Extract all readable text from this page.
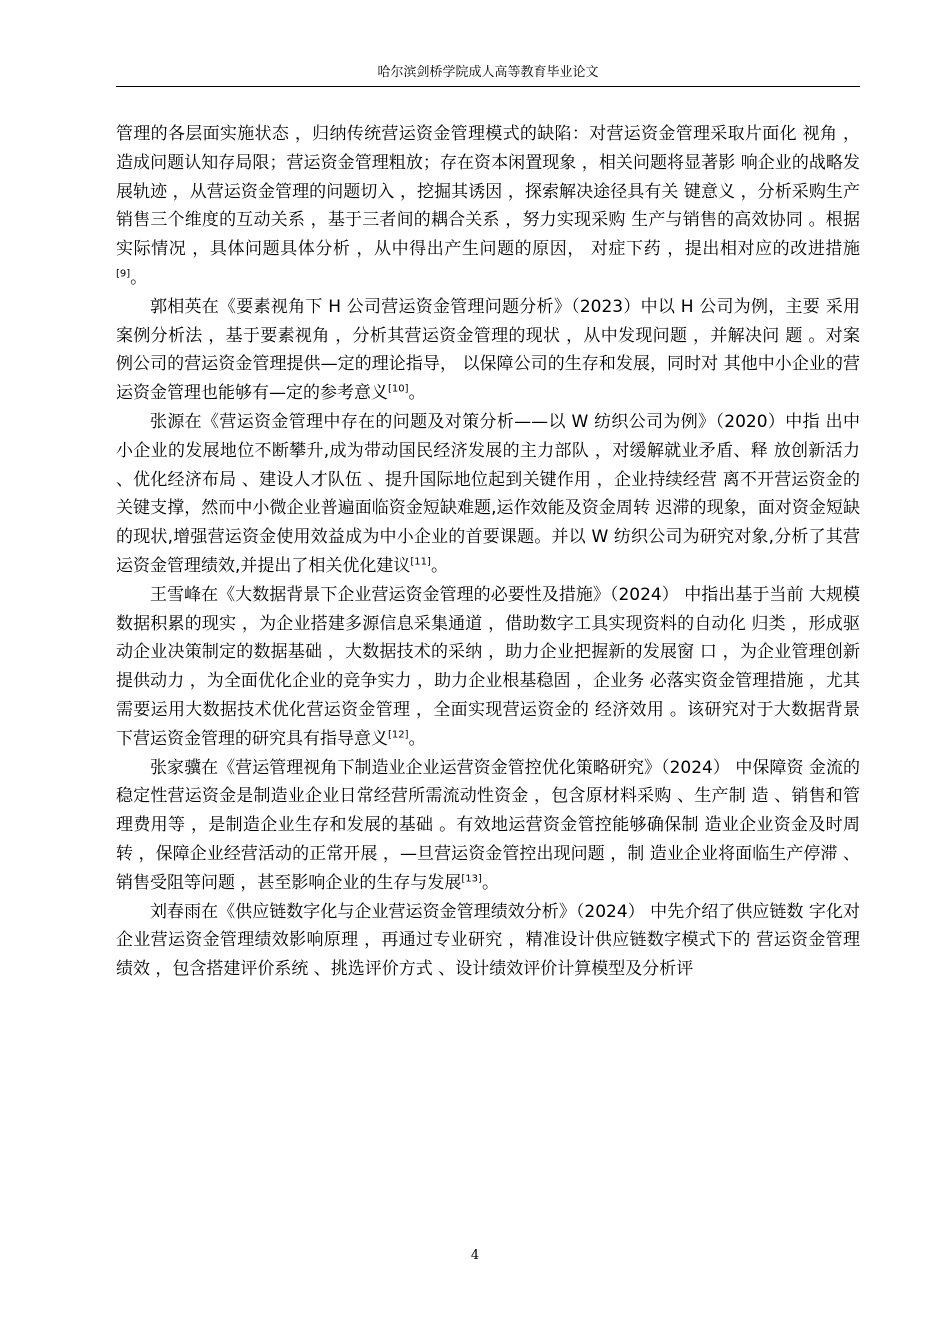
哈尔滨剑桥学院成人高等教育毕业论文

管理的各层面实施状态 ，归纳传统营运资金管理模式的缺陷：对营运资金管理采取片面化 视角 ，造成问题认知存局限；营运资金管理粗放；存在资本闲置现象 ，相关问题将显著影 响企业的战略发展轨迹 ，从营运资金管理的问题切入 ，挖掘其诱因 ，探索解决途径具有关 键意义 ，分析采购生产销售三个维度的互动关系 ，基于三者间的耦合关系 ，努力实现采购 生产与销售的高效协同 。根据实际情况 ，具体问题具体分析 ，从中得出产生问题的原因， 对症下药 ，提出相对应的改进措施[9]。

郭相英在《要素视角下 H 公司营运资金管理问题分析》（2023）中以 H 公司为例，主要 采用案例分析法 ，基于要素视角 ，分析其营运资金管理的现状 ，从中发现问题 ，并解决问 题 。对案例公司的营运资金管理提供—定的理论指导， 以保障公司的生存和发展，同时对 其他中小企业的营运资金管理也能够有—定的参考意义[10]。

张源在《营运资金管理中存在的问题及对策分析——以 W 纺织公司为例》（2020）中指 出中小企业的发展地位不断攀升,成为带动国民经济发展的主力部队 ，对缓解就业矛盾、释 放创新活力 、优化经济布局 、建设人才队伍 、提升国际地位起到关键作用 ，企业持续经营 离不开营运资金的关键支撑，然而中小微企业普遍面临资金短缺难题,运作效能及资金周转 迟滞的现象，面对资金短缺的现状,增强营运资金使用效益成为中小企业的首要课题。并以 W 纺织公司为研究对象,分析了其营运资金管理绩效,并提出了相关优化建议[11]。

王雪峰在《大数据背景下企业营运资金管理的必要性及措施》（2024） 中指出基于当前 大规模数据积累的现实 ，为企业搭建多源信息采集通道 ，借助数字工具实现资料的自动化 归类 ，形成驱动企业决策制定的数据基础 ，大数据技术的采纳 ，助力企业把握新的发展窗 口 ，为企业管理创新提供动力 ，为全面优化企业的竞争实力 ，助力企业根基稳固 ，企业务 必落实资金管理措施 ，尤其需要运用大数据技术优化营运资金管理 ，全面实现营运资金的 经济效用 。该研究对于大数据背景下营运资金管理的研究具有指导意义[12]。

张家骥在《营运管理视角下制造业企业运营资金管控优化策略研究》（2024） 中保障资 金流的稳定性营运资金是制造业企业日常经营所需流动性资金 ，包含原材料采购 、生产制 造 、销售和管理费用等 ，是制造企业生存和发展的基础 。有效地运营资金管控能够确保制 造业企业资金及时周转 ，保障企业经营活动的正常开展 ，—旦营运资金管控出现问题 ，制 造业企业将面临生产停滞 、销售受阻等问题 ，甚至影响企业的生存与发展[13]。

刘春雨在《供应链数字化与企业营运资金管理绩效分析》（2024） 中先介绍了供应链数 字化对企业营运资金管理绩效影响原理 ，再通过专业研究 ，精准设计供应链数字模式下的 营运资金管理绩效 ，包含搭建评价系统 、挑选评价方式 、设计绩效评价计算模型及分析评

4
